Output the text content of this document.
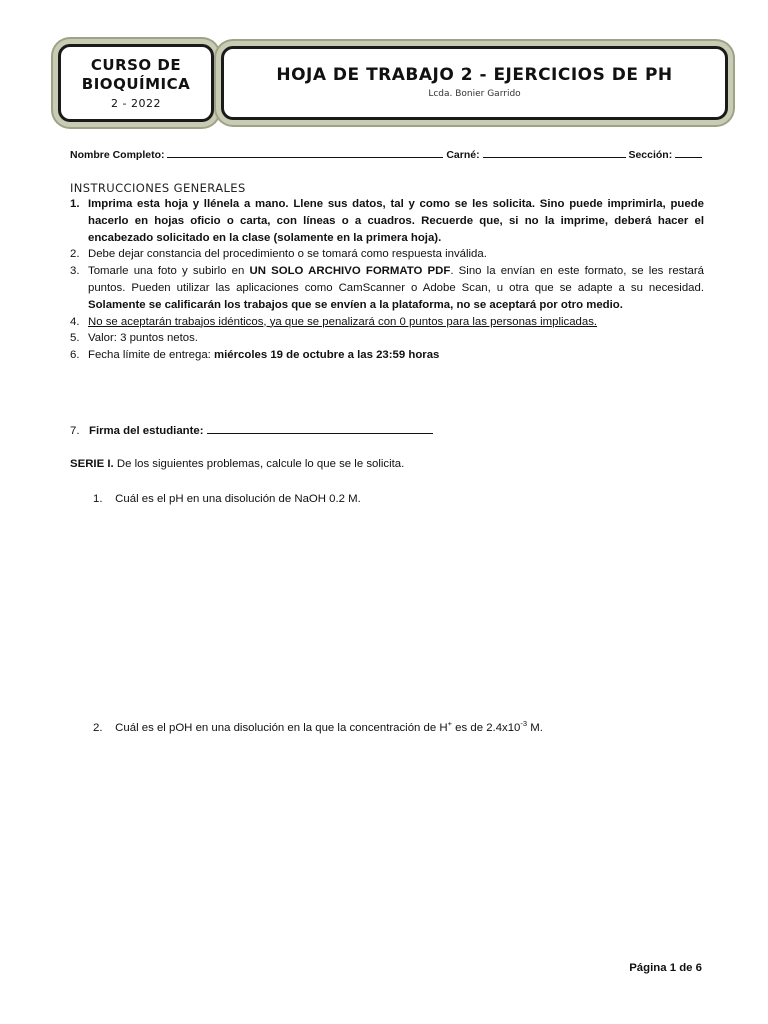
CURSO DE
BIOQUÍMICA
2 - 2022
HOJA DE TRABAJO 2 - EJERCICIOS DE PH
Lcda. Bonier Garrido
Nombre Completo:	Carné:	Sección:
INSTRUCCIONES GENERALES
1. Imprima esta hoja y llénela a mano. Llene sus datos, tal y como se les solicita. Sino puede imprimirla, puede hacerlo en hojas oficio o carta, con líneas o a cuadros. Recuerde que, si no la imprime, deberá hacer el encabezado solicitado en la clase (solamente en la primera hoja).
2. Debe dejar constancia del procedimiento o se tomará como respuesta inválida.
3. Tomarle una foto y subirlo en UN SOLO ARCHIVO FORMATO PDF. Sino la envían en este formato, se les restará puntos. Pueden utilizar las aplicaciones como CamScanner o Adobe Scan, u otra que se adapte a su necesidad. Solamente se calificarán los trabajos que se envíen a la plataforma, no se aceptará por otro medio.
4. No se aceptarán trabajos idénticos, ya que se penalizará con 0 puntos para las personas implicadas.
5. Valor: 3 puntos netos.
6. Fecha límite de entrega: miércoles 19 de octubre a las 23:59 horas
7. Firma del estudiante:
SERIE I. De los siguientes problemas, calcule lo que se le solicita.
1. Cuál es el pH en una disolución de NaOH 0.2 M.
2. Cuál es el pOH en una disolución en la que la concentración de H+ es de $2.4x10^{-3}$ M.
Página 1 de 6
